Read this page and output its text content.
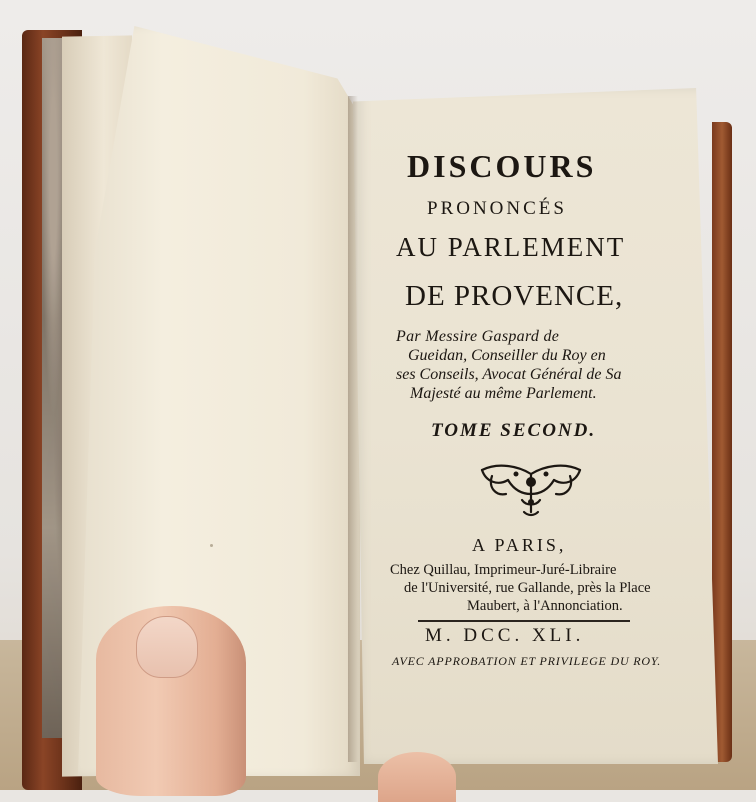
DISCOURS
PRONONCÉS
AU PARLEMENT
DE PROVENCE,
Par Messire Gaspard de
Gueidan, Conseiller du Roy en
ses Conseils, Avocat Général de Sa
Majesté au même Parlement.
TOME SECOND.
A PARIS,
Chez Quillau, Imprimeur-Juré-Libraire
de l'Université, rue Gallande, près la Place
Maubert, à l'Annonciation.
M. DCC. XLI.
AVEC APPROBATION ET PRIVILEGE DU ROY.
